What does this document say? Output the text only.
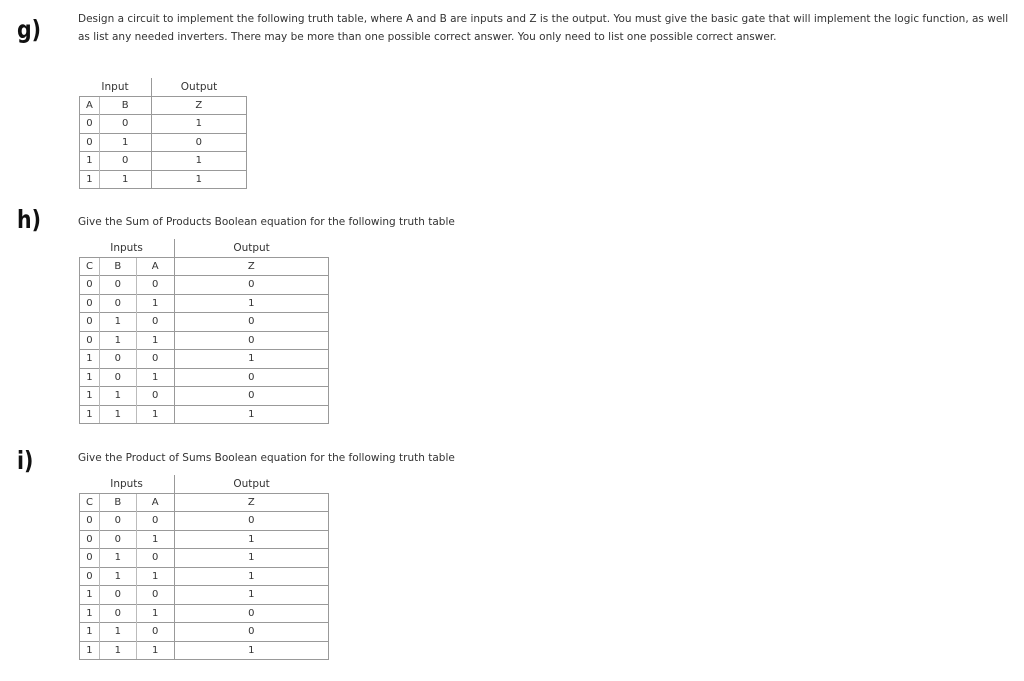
g)
h)
i)
Design a circuit to implement the following truth table, where A and B are inputs and Z is the output. You must give the basic gate that will implement the logic function, as well as list any needed inverters. There may be more than one possible correct answer. You only need to list one possible correct answer.
Give the Sum of Products Boolean equation for the following truth table
Give the Product of Sums Boolean equation for the following truth table
Input		Output
A	B	Z
0	0	1
0	1	0
1	0	1
1	1	1
Inputs			Output
C	B	A	Z
0	0	0	0
0	0	1	1
0	1	0	0
0	1	1	0
1	0	0	1
1	0	1	0
1	1	0	0
1	1	1	1
Inputs			Output
C	B	A	Z
0	0	0	0
0	0	1	1
0	1	0	1
0	1	1	1
1	0	0	1
1	0	1	0
1	1	0	0
1	1	1	1
